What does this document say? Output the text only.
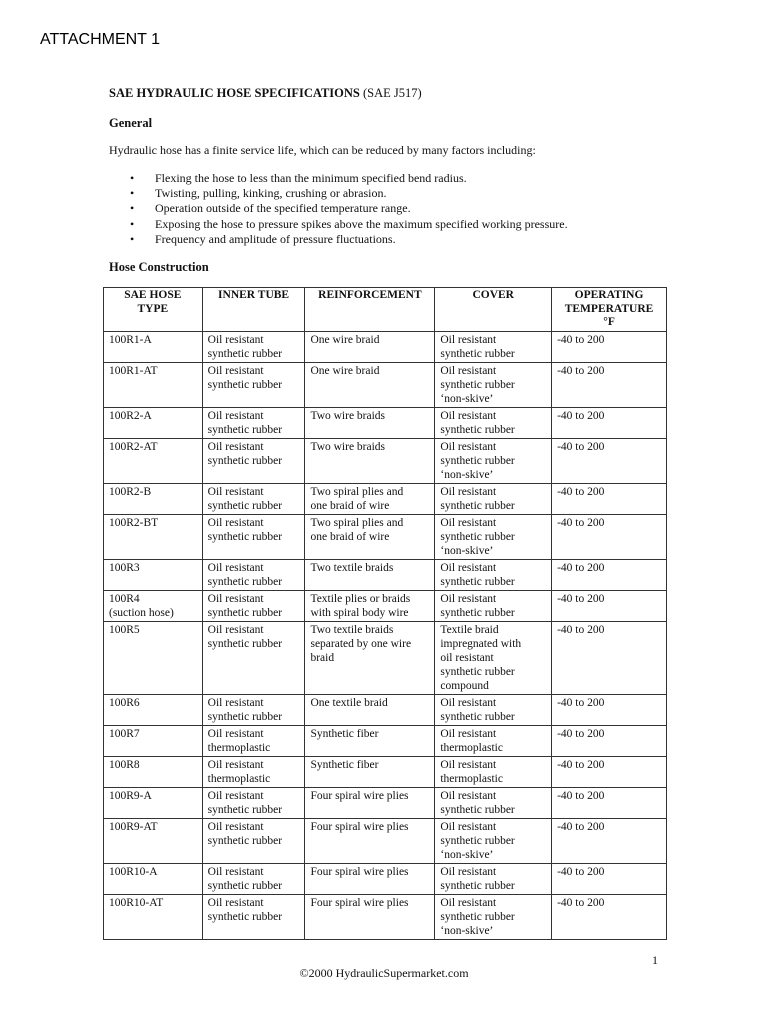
ATTACHMENT 1
SAE HYDRAULIC HOSE SPECIFICATIONS (SAE J517)
General
Hydraulic hose has a finite service life, which can be reduced by many factors including:
• Flexing the hose to less than the minimum specified bend radius.
• Twisting, pulling, kinking, crushing or abrasion.
• Operation outside of the specified temperature range.
• Exposing the hose to pressure spikes above the maximum specified working pressure.
• Frequency and amplitude of pressure fluctuations.
Hose Construction
SAE HOSE
TYPE	INNER TUBE	REINFORCEMENT	COVER	OPERATING
TEMPERATURE
°F
100R1-A	Oil resistant
synthetic rubber	One wire braid	Oil resistant
synthetic rubber	-40 to 200
100R1-AT	Oil resistant
synthetic rubber	One wire braid	Oil resistant
synthetic rubber
‘non-skive’	-40 to 200
100R2-A	Oil resistant
synthetic rubber	Two wire braids	Oil resistant
synthetic rubber	-40 to 200
100R2-AT	Oil resistant
synthetic rubber	Two wire braids	Oil resistant
synthetic rubber
‘non-skive’	-40 to 200
100R2-B	Oil resistant
synthetic rubber	Two spiral plies and
one braid of wire	Oil resistant
synthetic rubber	-40 to 200
100R2-BT	Oil resistant
synthetic rubber	Two spiral plies and
one braid of wire	Oil resistant
synthetic rubber
‘non-skive’	-40 to 200
100R3	Oil resistant
synthetic rubber	Two textile braids	Oil resistant
synthetic rubber	-40 to 200
100R4
(suction hose)	Oil resistant
synthetic rubber	Textile plies or braids
with spiral body wire	Oil resistant
synthetic rubber	-40 to 200
100R5	Oil resistant
synthetic rubber	Two textile braids
separated by one wire
braid	Textile braid
impregnated with
oil resistant
synthetic rubber
compound	-40 to 200
100R6	Oil resistant
synthetic rubber	One textile braid	Oil resistant
synthetic rubber	-40 to 200
100R7	Oil resistant
thermoplastic	Synthetic fiber	Oil resistant
thermoplastic	-40 to 200
100R8	Oil resistant
thermoplastic	Synthetic fiber	Oil resistant
thermoplastic	-40 to 200
100R9-A	Oil resistant
synthetic rubber	Four spiral wire plies	Oil resistant
synthetic rubber	-40 to 200
100R9-AT	Oil resistant
synthetic rubber	Four spiral wire plies	Oil resistant
synthetic rubber
‘non-skive’	-40 to 200
100R10-A	Oil resistant
synthetic rubber	Four spiral wire plies	Oil resistant
synthetic rubber	-40 to 200
100R10-AT	Oil resistant
synthetic rubber	Four spiral wire plies	Oil resistant
synthetic rubber
‘non-skive’	-40 to 200
1
©2000 HydraulicSupermarket.com
